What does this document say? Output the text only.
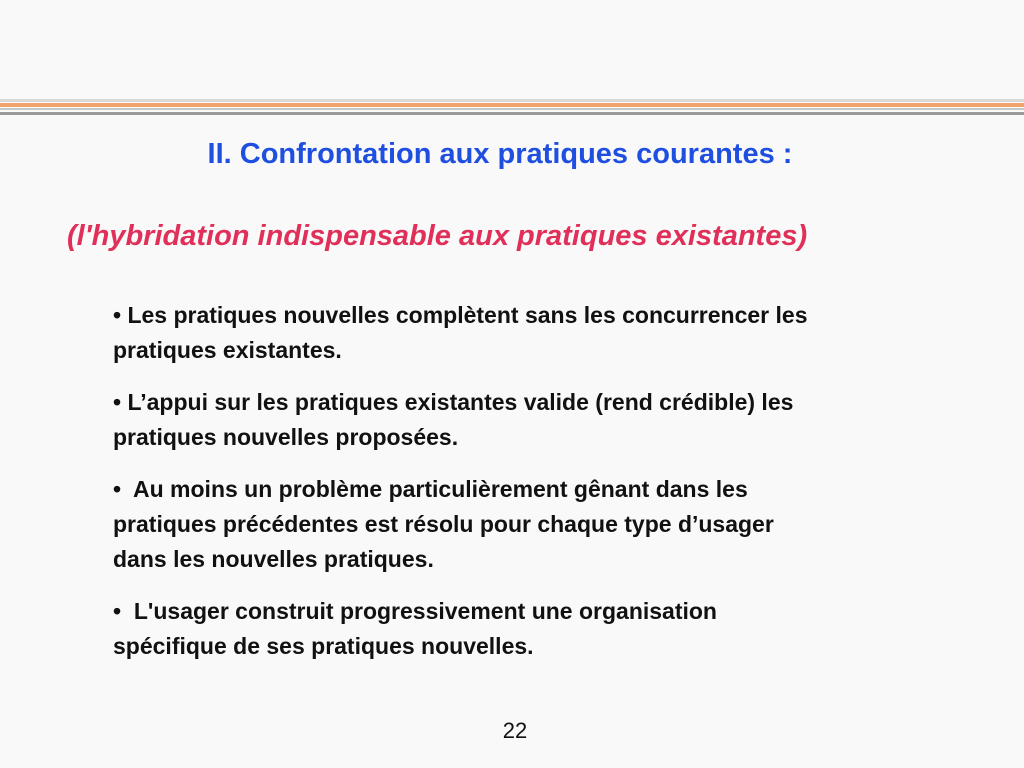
II. Confrontation aux pratiques courantes :
(l'hybridation indispensable aux pratiques existantes)
• Les pratiques nouvelles complètent sans les concurrencer les
pratiques existantes.
• L’appui sur les pratiques existantes valide (rend crédible) les
pratiques nouvelles proposées.
• Au moins un problème particulièrement gênant dans les
pratiques précédentes est résolu pour chaque type d’usager
dans les nouvelles pratiques.
• L'usager construit progressivement une organisation
spécifique de ses pratiques nouvelles.
22
